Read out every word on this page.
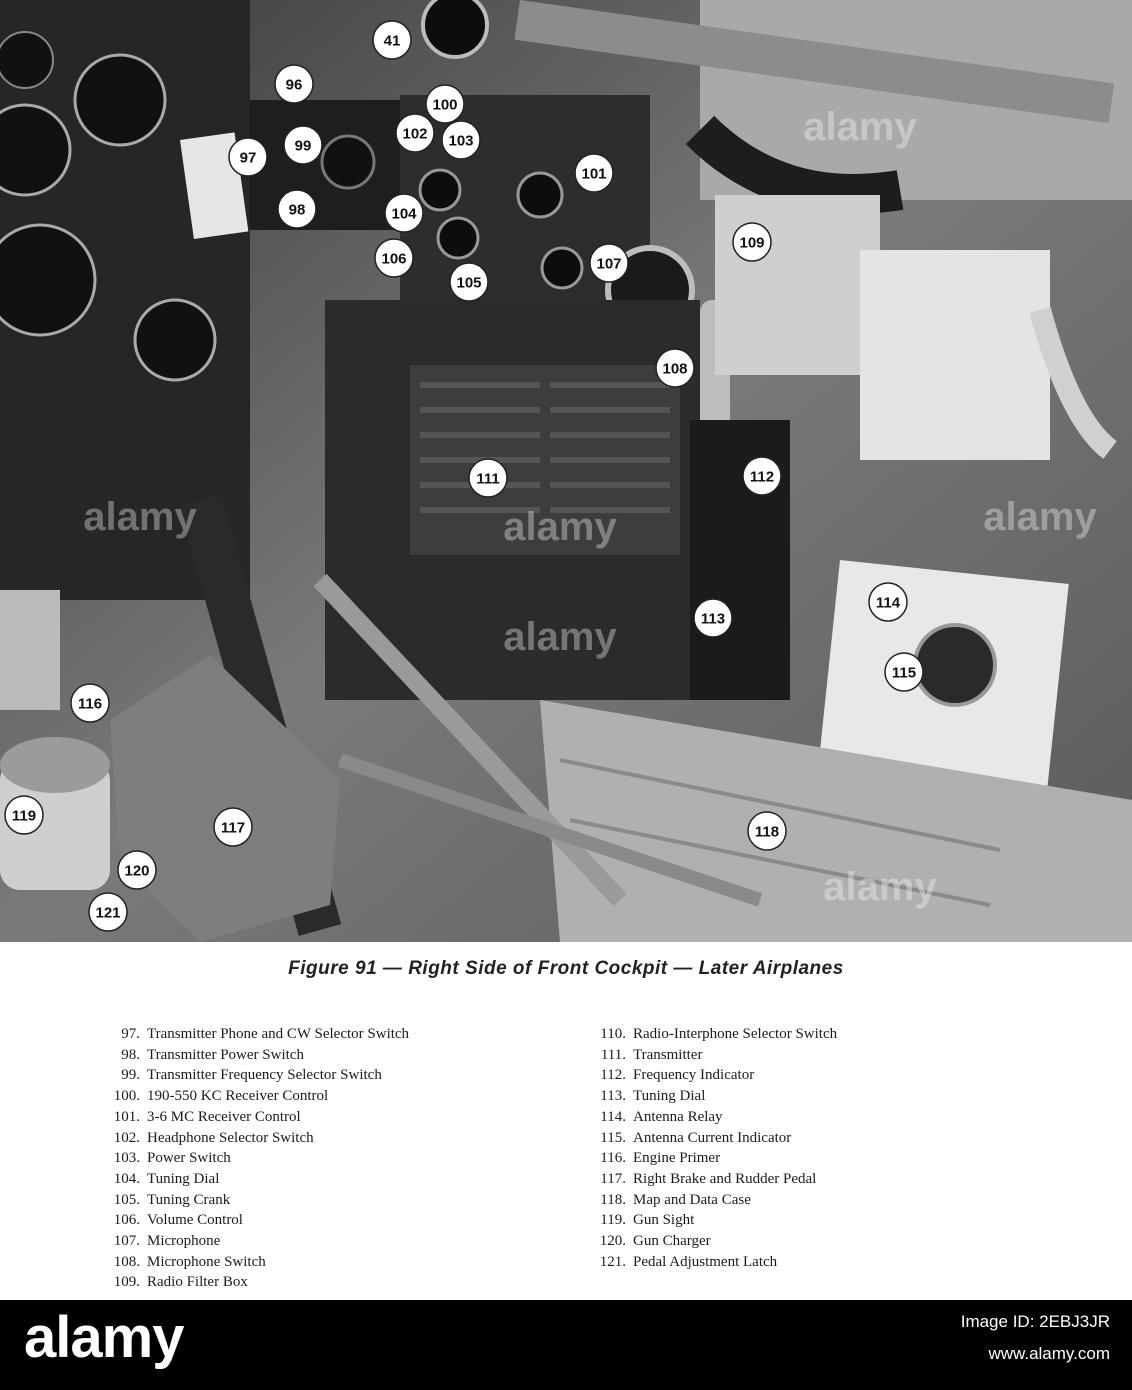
alamy	alamy	alamy
alamy
alamy
alamy
41
96
100
97
99
102 103
101
98	104
109
106	107
105
108
111	112
113
114
115
116
119
117	118
120
121
Figure 91 — Right Side of Front Cockpit — Later Airplanes
97. Transmitter Phone and CW Selector Switch
98. Transmitter Power Switch
99. Transmitter Frequency Selector Switch
100. 190-550 KC Receiver Control
101. 3-6 MC Receiver Control
102. Headphone Selector Switch
103. Power Switch
104. Tuning Dial
105. Tuning Crank
106. Volume Control
107. Microphone
108. Microphone Switch
109. Radio Filter Box
110. Radio-Interphone Selector Switch
111. Transmitter
112. Frequency Indicator
113. Tuning Dial
114. Antenna Relay
115. Antenna Current Indicator
116. Engine Primer
117. Right Brake and Rudder Pedal
118. Map and Data Case
119. Gun Sight
120. Gun Charger
121. Pedal Adjustment Latch
alamy	Image ID: 2EBJ3JR
www.alamy.com
